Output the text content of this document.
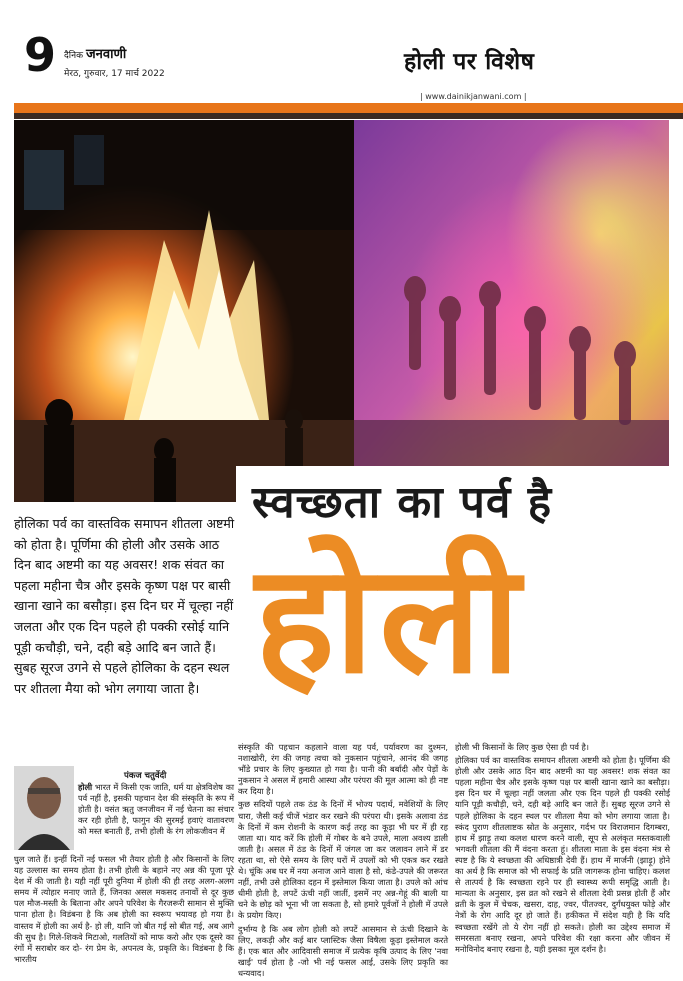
9 दैनिक जनवाणी
मेरठ, गुरुवार, 17 मार्च 2022	होली पर विशेष
| www.dainikjanwani.com |
स्वच्छता का पर्व है
होली
होलिका पर्व का वास्तविक समापन शीतला अष्टमी को होता है। पूर्णिमा की होली और उसके आठ दिन बाद अष्टमी का यह अवसर! शक संवत का पहला महीना चैत्र और इसके कृष्ण पक्ष पर बासी खाना खाने का बसौड़ा। इस दिन घर में चूल्हा नहीं जलता और एक दिन पहले ही पक्की रसोई यानि पूड़ी कचौड़ी, चने, दही बड़े आदि बन जाते हैं। सुबह सूरज उगने से पहले होलिका के दहन स्थल पर शीतला मैया को भोग लगाया जाता है।
पंकज चतुर्वेदी

होली भारत में किसी एक जाति, धर्म या क्षेत्रविशेष का पर्व नहीं है, इसकी पहचान देश की संस्कृति के रूप में होती है। वसंत ऋतु जनजीवन में नई चेतना का संचार कर रही होती है, फागुन की सुरमई हवाएं वातावरण को मस्त बनाती हैं, तभी होली के रंग लोकजीवन में

घुल जाते हैं। इन्हीं दिनों नई फसल भी तैयार होती है और किसानों के लिए यह उल्लास का समय होता है। तभी होली के बहाने नए अन्न की पूजा पूरे देश में की जाती है। यही नहीं पूरी दुनिया में होली की ही तरह अलग-अलग समय में त्योहार मनाए जाते हैं, जिनका असल मकसद तनावों से दूर कुछ पल मौज-मस्ती के बिताना और अपने परिवेश के गैरजरूरी सामान से मुक्ति पाना होता है। विडंबना है कि अब होली का स्वरूप भयावह हो गया है। वास्तव में होली का अर्थ है- हो ली, यानि जो बीत गई सो बीत गई, अब आगे की सुध है। गिले-शिकवे मिटाओ, गलतियों को माफ करो और एक दूसरे का रंगों में सराबोर कर दो- रंग प्रेम के, अपनत्व के, प्रकृति के। विडंबना है कि भारतीय

संस्कृति की पहचान कहलाने वाला यह पर्व, पर्यावरण का दुश्मन, नशाखोरी, रंग की जगह त्वचा को नुकसान पहुंचाने, आनंद की जगह भौंडे प्रचार के लिए कुख्यात हो गया है। पानी की बर्बादी और पेड़ों के नुकसान ने असल में हमारी आस्था और परंपरा की मूल आत्मा को ही नष्ट कर दिया है।

कुछ सदियों पहले तक ठंड के दिनों में भोज्य पदार्थ, मवेशियों के लिए चारा, जैसी कई चीजें भंडार कर रखने की परंपरा थी। इसके अलावा ठंड के दिनों में कम रोशनी के कारण कई तरह का कूड़ा भी घर में ही रह जाता था। याद करें कि होली में गोबर के बने उपले, माला अवश्य डाली जाती है। असल में ठंड के दिनों में जंगल जा कर जलावन लाने में डर रहता था, सो ऐसे समय के लिए घरों में उपलों को भी एकत्र कर रखते थे। चूंकि अब घर में नया अनाज आने वाला है सो, कंडे-उपले की जरूरत नहीं, तभी उसे होलिका दहन में इस्तेमाल किया जाता है। उपले को आंच धीमी होती है, लपटें ऊंची नहीं जातीं, इसमें नए अन्न-गेहूं की बाली या चने के छोड़ को भूना भी जा सकता है, सो हमारे पूर्वजों ने होली में उपले के प्रयोग किए।

दुर्भाग्य है कि अब लोग होली को लपटें आसमान से ऊंची दिखाने के लिए, लकड़ी और कई बार प्लास्टिक जैसा विषैला कूड़ा इस्तेमाल करते हैं। एक बात और आदिवासी समाज में प्रत्येक कृषि उत्पाद के लिए 'नवा खाई' पर्व होता है -जो भी नई फसल आई, उसके लिए प्रकृति का धन्यवाद।

होली भी किसानों के लिए कुछ ऐसा ही पर्व है।

होलिका पर्व का वास्तविक समापन शीतला अष्टमी को होता है। पूर्णिमा की होली और उसके आठ दिन बाद अष्टमी का यह अवसर! शक संवत का पहला महीना चैत्र और इसके कृष्ण पक्ष पर बासी खाना खाने का बसौड़ा। इस दिन घर में चूल्हा नहीं जलता और एक दिन पहले ही पक्की रसोई यानि पूड़ी कचौड़ी, चने, दही बड़े आदि बन जाते हैं। सुबह सूरज उगने से पहले होलिका के दहन स्थल पर शीतला मैया को भोग लगाया जाता है। स्कंद पुराण शीतलाष्टक स्रोत के अनुसार, गर्दभ पर विराजमान दिगम्बरा, हाथ में झाड़ू तथा कलश धारण करने वाली, सूप से अलंकृत मस्तकवाली भगवती शीतला की मैं वंदना करता हूं। शीतला माता के इस वंदना मंत्र से स्पष्ट है कि ये स्वच्छता की अधिष्ठात्री देवी हैं। हाथ में मार्जनी (झाड़ू) होने का अर्थ है कि समाज को भी सफाई के प्रति जागरूक होना चाहिए। कलश से तात्पर्य है कि स्वच्छता रहने पर ही स्वास्थ्य रूपी समृद्धि आती है। मान्यता के अनुसार, इस व्रत को रखने से शीतला देवी प्रसन्न होती हैं और व्रती के कुल में चेचक, खसरा, दाह, ज्वर, पीतज्वर, दुर्गंधयुक्त फोड़े और नेत्रों के रोग आदि दूर हो जाते हैं। हकीकत में संदेश यही है कि यदि स्वच्छता रखेंगे तो ये रोग नहीं हो सकते। होली का उद्देश्य समाज में समरसता बनाए रखना, अपने परिवेश की रक्षा करना और जीवन में मनोविनोद बनाए रखना है, यही इसका मूल दर्शन है।
